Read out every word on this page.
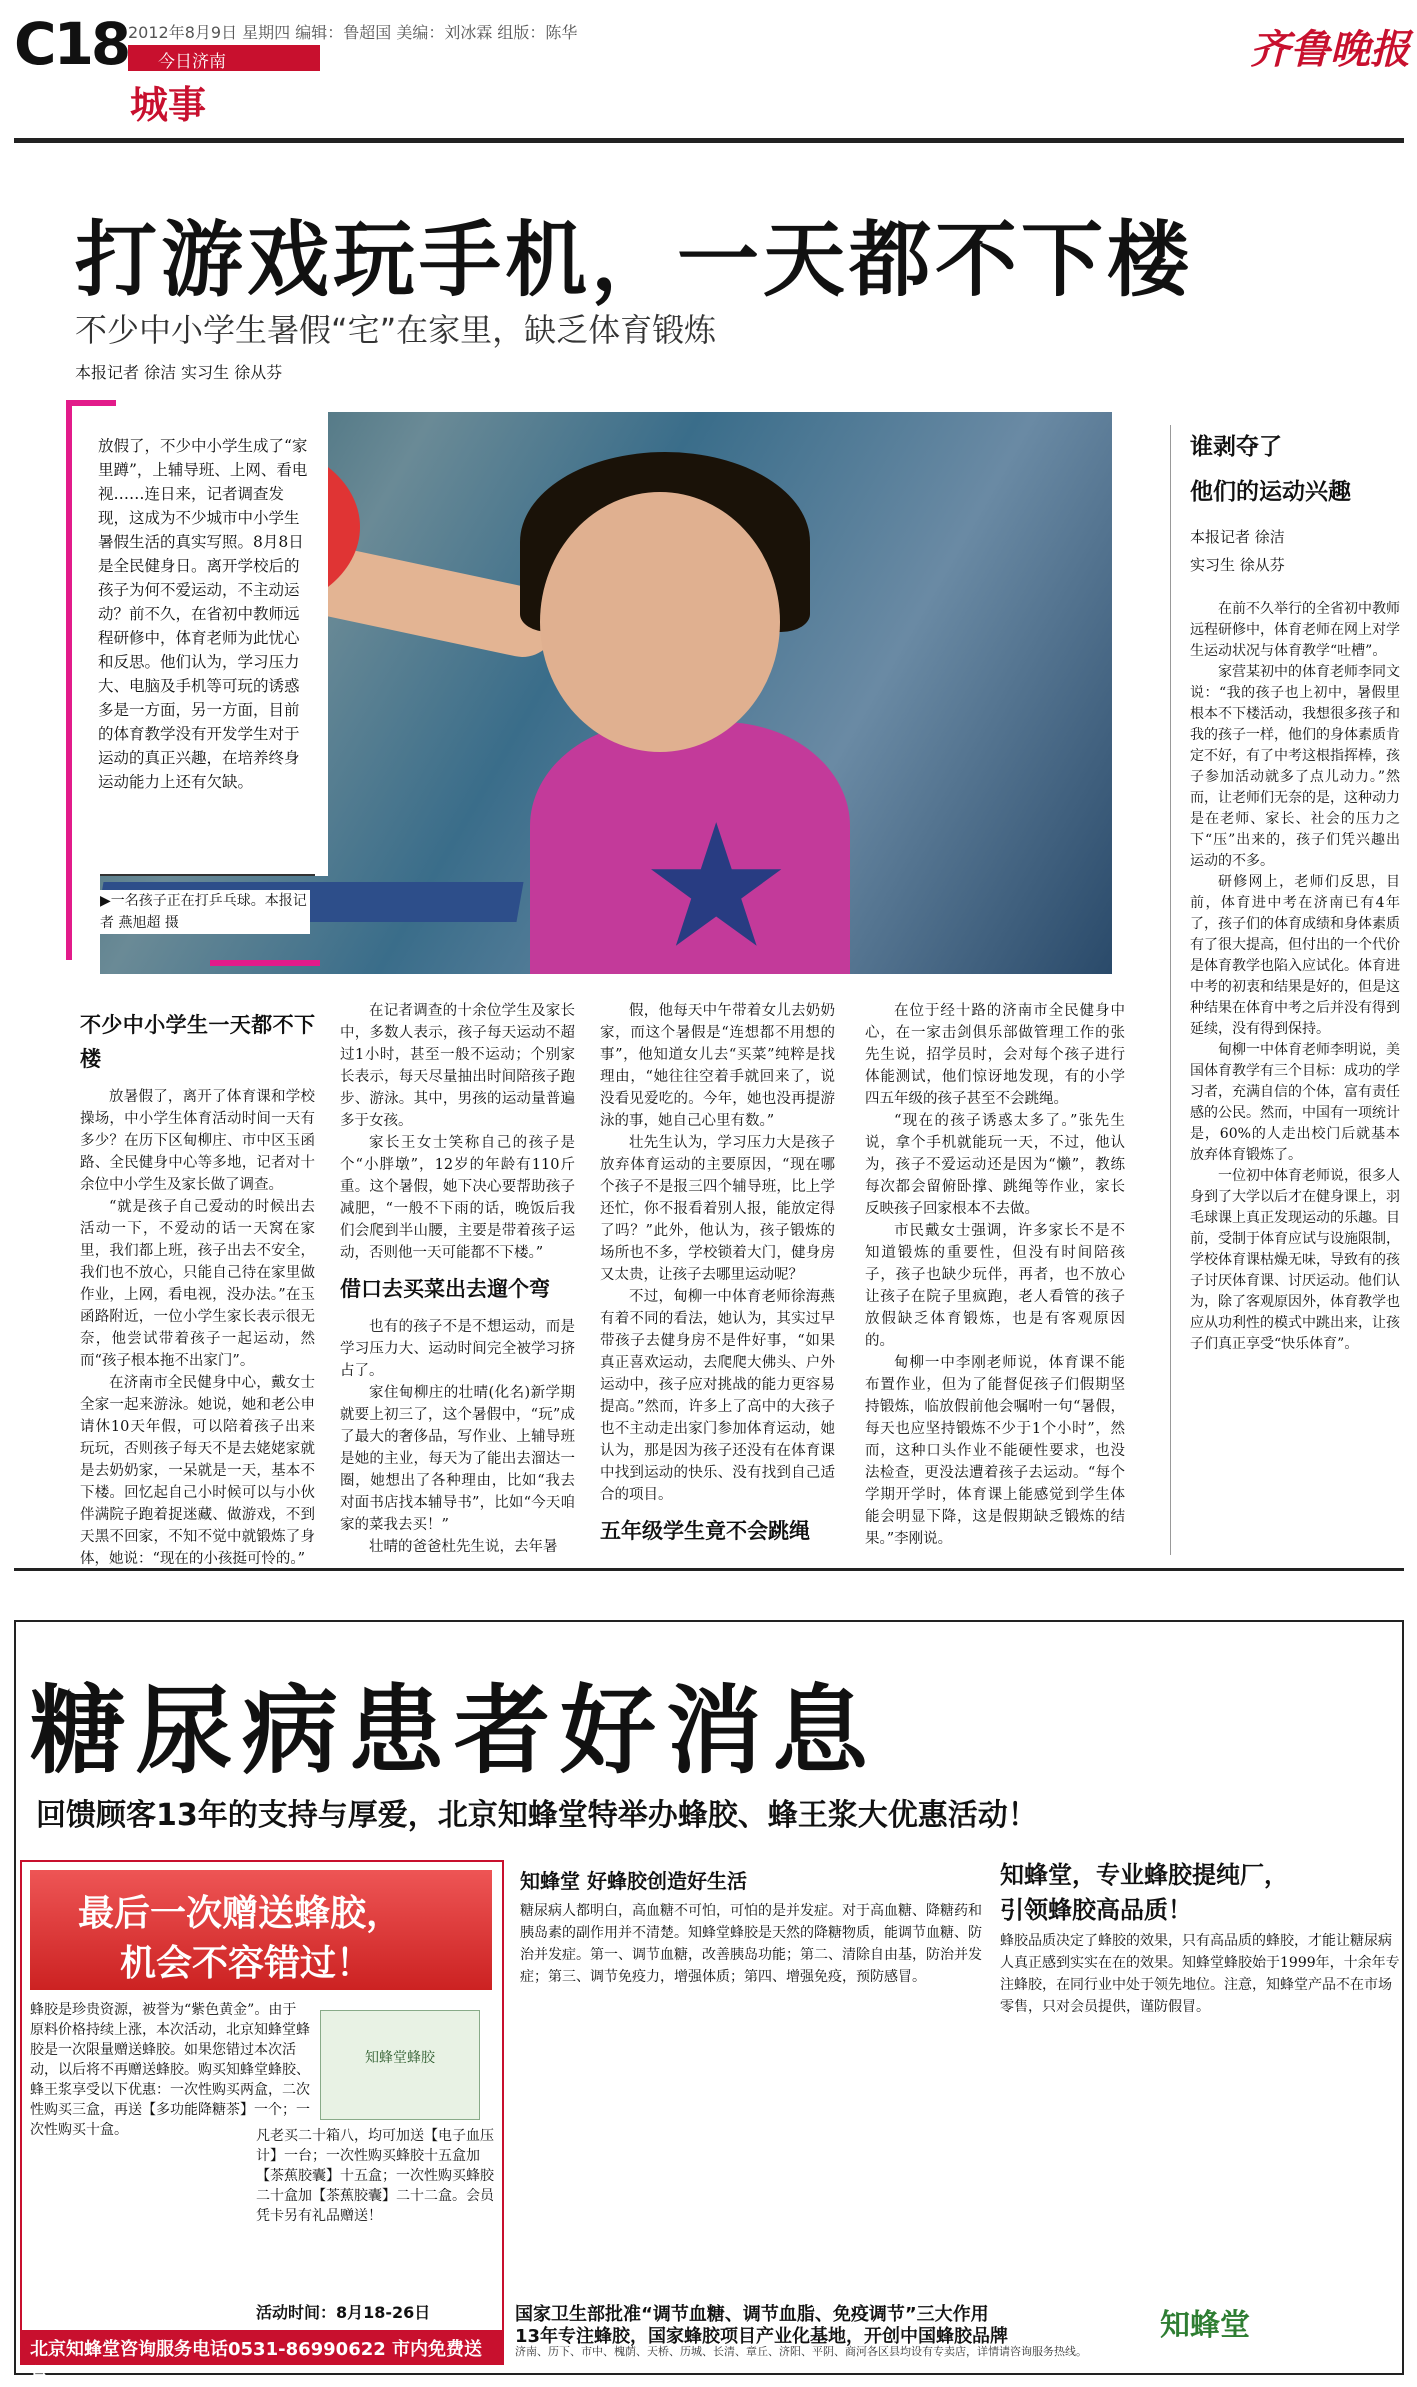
C18 2012年8月9日 星期四 编辑：鲁超国 美编：刘冰霖 组版：陈华
今日济南
城事
齐鲁晚报
打游戏玩手机，一天都不下楼
不少中小学生暑假“宅”在家里，缺乏体育锻炼
本报记者 徐洁 实习生 徐从芬
★
放假了，不少中小学生成了“家里蹲”，上辅导班、上网、看电视……连日来，记者调查发现，这成为不少城市中小学生暑假生活的真实写照。8月8日是全民健身日。离开学校后的孩子为何不爱运动，不主动运动？前不久，在省初中教师远程研修中，体育老师为此忧心和反思。他们认为，学习压力大、电脑及手机等可玩的诱惑多是一方面，另一方面，目前的体育教学没有开发学生对于运动的真正兴趣，在培养终身运动能力上还有欠缺。
▶一名孩子正在打乒乓球。本报记者 燕旭超 摄
不少中小学生一天都不下楼

放暑假了，离开了体育课和学校操场，中小学生体育活动时间一天有多少？在历下区甸柳庄、市中区玉函路、全民健身中心等多地，记者对十余位中小学生及家长做了调查。

“就是孩子自己爱动的时候出去活动一下，不爱动的话一天窝在家里，我们都上班，孩子出去不安全，我们也不放心，只能自己待在家里做作业，上网，看电视，没办法。”在玉函路附近，一位小学生家长表示很无奈，他尝试带着孩子一起运动，然而“孩子根本拖不出家门”。

在济南市全民健身中心，戴女士全家一起来游泳。她说，她和老公申请休10天年假，可以陪着孩子出来玩玩，否则孩子每天不是去姥姥家就是去奶奶家，一呆就是一天，基本不下楼。回忆起自己小时候可以与小伙伴满院子跑着捉迷藏、做游戏，不到天黑不回家，不知不觉中就锻炼了身体，她说：“现在的小孩挺可怜的。”

在记者调查的十余位学生及家长中，多数人表示，孩子每天运动不超过1小时，甚至一般不运动；个别家长表示，每天尽量抽出时间陪孩子跑步、游泳。其中，男孩的运动量普遍多于女孩。

家长王女士笑称自己的孩子是个“小胖墩”，12岁的年龄有110斤重。这个暑假，她下决心要帮助孩子减肥，“一般不下雨的话，晚饭后我们会爬到半山腰，主要是带着孩子运动，否则他一天可能都不下楼。”

借口去买菜出去遛个弯

也有的孩子不是不想运动，而是学习压力大、运动时间完全被学习挤占了。

家住甸柳庄的壮晴(化名)新学期就要上初三了，这个暑假中，“玩”成了最大的奢侈品，写作业、上辅导班是她的主业，每天为了能出去溜达一圈，她想出了各种理由，比如“我去对面书店找本辅导书”，比如“今天咱家的菜我去买！”

壮晴的爸爸杜先生说，去年暑

假，他每天中午带着女儿去奶奶家，而这个暑假是“连想都不用想的事”，他知道女儿去“买菜”纯粹是找理由，“她往往空着手就回来了，说没看见爱吃的。今年，她也没再提游泳的事，她自己心里有数。”

壮先生认为，学习压力大是孩子放弃体育运动的主要原因，“现在哪个孩子不是报三四个辅导班，比上学还忙，你不报看着别人报，能放定得了吗？”此外，他认为，孩子锻炼的场所也不多，学校锁着大门，健身房又太贵，让孩子去哪里运动呢？

不过，甸柳一中体育老师徐海燕有着不同的看法，她认为，其实过早带孩子去健身房不是件好事，“如果真正喜欢运动，去爬爬大佛头、户外运动中，孩子应对挑战的能力更容易提高。”然而，许多上了高中的大孩子也不主动走出家门参加体育运动，她认为，那是因为孩子还没有在体育课中找到运动的快乐、没有找到自己适合的项目。

五年级学生竟不会跳绳

在位于经十路的济南市全民健身中心，在一家击剑俱乐部做管理工作的张先生说，招学员时，会对每个孩子进行体能测试，他们惊讶地发现，有的小学四五年级的孩子甚至不会跳绳。

“现在的孩子诱惑太多了。”张先生说，拿个手机就能玩一天，不过，他认为，孩子不爱运动还是因为“懒”，教练每次都会留俯卧撑、跳绳等作业，家长反映孩子回家根本不去做。

市民戴女士强调，许多家长不是不知道锻炼的重要性，但没有时间陪孩子，孩子也缺少玩伴，再者，也不放心让孩子在院子里疯跑，老人看管的孩子放假缺乏体育锻炼，也是有客观原因的。

甸柳一中李刚老师说，体育课不能布置作业，但为了能督促孩子们假期坚持锻炼，临放假前他会嘱咐一句“暑假，每天也应坚持锻炼不少于1个小时”，然而，这种口头作业不能硬性要求，也没法检查，更没法遭着孩子去运动。“每个学期开学时，体育课上能感觉到学生体能会明显下降，这是假期缺乏锻炼的结果。”李刚说。

谁剥夺了
他们的运动兴趣
本报记者 徐洁
实习生 徐从芬

在前不久举行的全省初中教师远程研修中，体育老师在网上对学生运动状况与体育教学“吐槽”。

家营某初中的体育老师李同文说：“我的孩子也上初中，暑假里根本不下楼活动，我想很多孩子和我的孩子一样，他们的身体素质肯定不好，有了中考这根指挥棒，孩子参加活动就多了点儿动力。”然而，让老师们无奈的是，这种动力是在老师、家长、社会的压力之下“压”出来的，孩子们凭兴趣出运动的不多。

研修网上，老师们反思，目前，体育进中考在济南已有4年了，孩子们的体育成绩和身体素质有了很大提高，但付出的一个代价是体育教学也陷入应试化。体育进中考的初衷和结果是好的，但是这种结果在体育中考之后并没有得到延续，没有得到保持。

甸柳一中体育老师李明说，美国体育教学有三个目标：成功的学习者，充满自信的个体，富有责任感的公民。然而，中国有一项统计是，60%的人走出校门后就基本放弃体育锻炼了。

一位初中体育老师说，很多人身到了大学以后才在健身课上，羽毛球课上真正发现运动的乐趣。目前，受制于体育应试与设施限制，学校体育课枯燥无味，导致有的孩子讨厌体育课、讨厌运动。他们认为，除了客观原因外，体育教学也应从功利性的模式中跳出来，让孩子们真正享受“快乐体育”。

糖尿病患者好消息
回馈顾客13年的支持与厚爱，北京知蜂堂特举办蜂胶、蜂王浆大优惠活动！
最后一次赠送蜂胶，
机会不容错过！
蜂胶是珍贵资源，被誉为“紫色黄金”。由于原料价格持续上涨，本次活动，北京知蜂堂蜂胶是一次限量赠送蜂胶。如果您错过本次活动，以后将不再赠送蜂胶。购买知蜂堂蜂胶、蜂王浆享受以下优惠：一次性购买两盒，二次性购买三盒，再送【多功能降糖茶】一个；一次性购买十盒。
知蜂堂蜂胶
凡老买二十箱八，均可加送【电子血压计】一台；一次性购买蜂胶十五盒加【茶蕉胶囊】十五盒；一次性购买蜂胶二十盒加【茶蕉胶囊】二十二盒。会员凭卡另有礼品赠送！
活动时间：8月18-26日
北京知蜂堂咨询服务电话0531-86990622 市内免费送货
知蜂堂 好蜂胶创造好生活
糖尿病人都明白，高血糖不可怕，可怕的是并发症。对于高血糖、降糖药和胰岛素的副作用并不清楚。知蜂堂蜂胶是天然的降糖物质，能调节血糖、防治并发症。第一、调节血糖，改善胰岛功能；第二、清除自由基，防治并发症；第三、调节免疫力，增强体质；第四、增强免疫，预防感冒。
知蜂堂，专业蜂胶提纯厂，
引领蜂胶高品质！
蜂胶品质决定了蜂胶的效果，只有高品质的蜂胶，才能让糖尿病人真正感到实实在在的效果。知蜂堂蜂胶始于1999年，十余年专注蜂胶，在同行业中处于领先地位。注意，知蜂堂产品不在市场零售，只对会员提供，谨防假冒。
国家卫生部批准“调节血糖、调节血脂、免疫调节”三大作用
13年专注蜂胶，国家蜂胶项目产业化基地，开创中国蜂胶品牌	知蜂堂
济南、历下、市中、槐荫、天桥、历城、长清、章丘、济阳、平阴、商河各区县均设有专卖店，详情请咨询服务热线。
